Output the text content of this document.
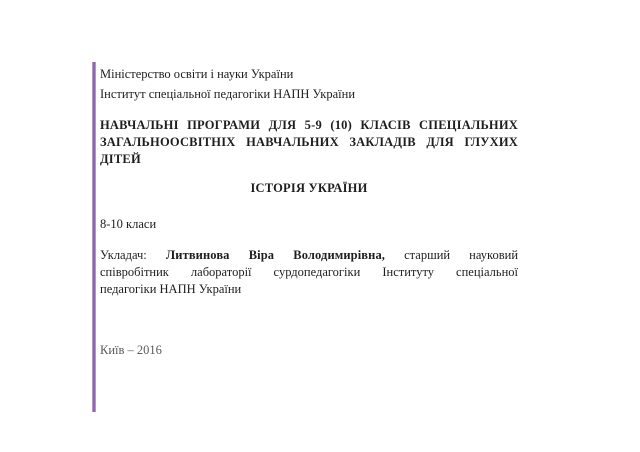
Міністерство освіти і науки України
Інститут спеціальної педагогіки НАПН України
НАВЧАЛЬНІ ПРОГРАМИ ДЛЯ 5-9 (10) КЛАСІВ СПЕЦІАЛЬНИХ
ЗАГАЛЬНООСВІТНІХ НАВЧАЛЬНИХ ЗАКЛАДІВ ДЛЯ ГЛУХИХ
ДІТЕЙ
ІСТОРІЯ УКРАЇНИ
8-10 класи
Укладач: Литвинова Віра Володимирівна, старший науковий
співробітник лабораторії сурдопедагогіки Інституту спеціальної
педагогіки НАПН України
Київ – 2016
